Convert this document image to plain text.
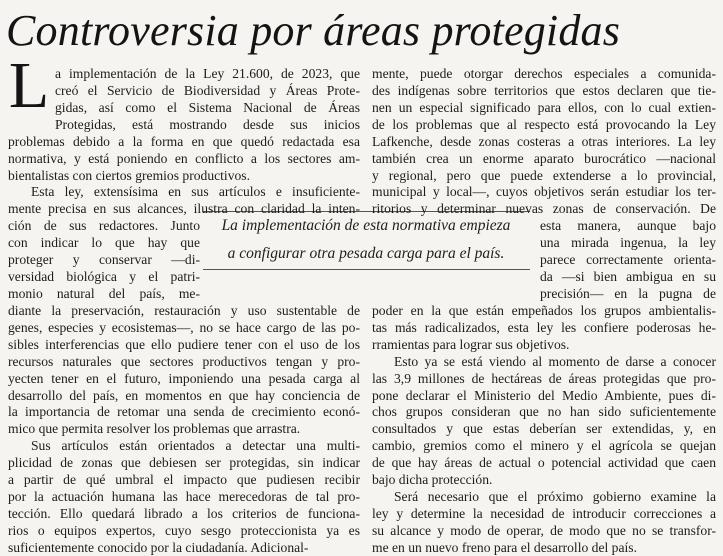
Controversia por áreas protegidas
L
La implementación de esta normativa empieza
a configurar otra pesada carga para el país.
a implementación de la Ley 21.600, de 2023, que
creó el Servicio de Biodiversidad y Áreas Prote-
gidas, así como el Sistema Nacional de Áreas
Protegidas, está mostrando desde sus inicios
problemas debido a la forma en que quedó redactada esa
normativa, y está poniendo en conflicto a los sectores am-
bientalistas con ciertos gremios productivos.
Esta ley, extensísima en sus artículos e insuficiente-
mente precisa en sus alcances, ilustra con claridad la inten-
ción de sus redactores. Junto
con indicar lo que hay que
proteger y conservar —di-
versidad biológica y el patri-
monio natural del país, me-
diante la preservación, restauración y uso sustentable de
genes, especies y ecosistemas—, no se hace cargo de las po-
sibles interferencias que ello pudiere tener con el uso de los
recursos naturales que sectores productivos tengan y pro-
yecten tener en el futuro, imponiendo una pesada carga al
desarrollo del país, en momentos en que hay conciencia de
la importancia de retomar una senda de crecimiento econó-
mico que permita resolver los problemas que arrastra.
Sus artículos están orientados a detectar una multi-
plicidad de zonas que debiesen ser protegidas, sin indicar
a partir de qué umbral el impacto que pudiesen recibir
por la actuación humana las hace merecedoras de tal pro-
tección. Ello quedará librado a los criterios de funciona-
rios o equipos expertos, cuyo sesgo proteccionista ya es
suficientemente conocido por la ciudadanía. Adicional-
mente, puede otorgar derechos especiales a comunida-
des indígenas sobre territorios que estos declaren que tie-
nen un especial significado para ellos, con lo cual extien-
de los problemas que al respecto está provocando la Ley
Lafkenche, desde zonas costeras a otras interiores. La ley
también crea un enorme aparato burocrático —nacional
y regional, pero que puede extenderse a lo provincial,
municipal y local—, cuyos objetivos serán estudiar los ter-
ritorios y determinar nuevas zonas de conservación. De
esta manera, aunque bajo
una mirada ingenua, la ley
parece correctamente orienta-
da —si bien ambigua en su
precisión— en la pugna de
poder en la que están empeñados los grupos ambientalis-
tas más radicalizados, esta ley les confiere poderosas he-
rramientas para lograr sus objetivos.
Esto ya se está viendo al momento de darse a conocer
las 3,9 millones de hectáreas de áreas protegidas que pro-
pone declarar el Ministerio del Medio Ambiente, pues di-
chos grupos consideran que no han sido suficientemente
consultados y que estas deberían ser extendidas, y, en
cambio, gremios como el minero y el agrícola se quejan
de que hay áreas de actual o potencial actividad que caen
bajo dicha protección.
Será necesario que el próximo gobierno examine la
ley y determine la necesidad de introducir correcciones a
su alcance y modo de operar, de modo que no se transfor-
me en un nuevo freno para el desarrollo del país.
